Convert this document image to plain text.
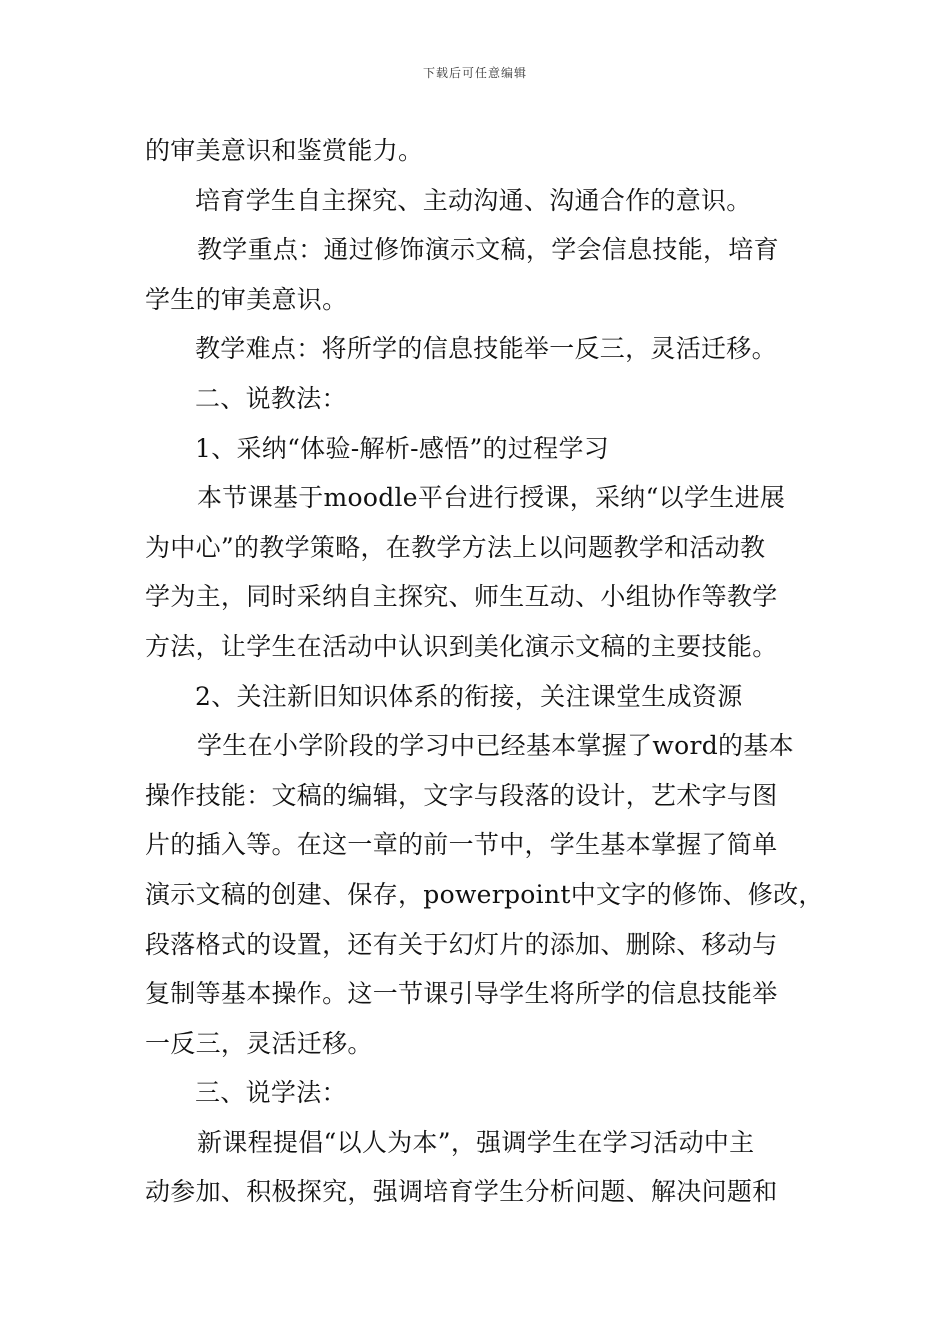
下载后可任意编辑
的审美意识和鉴赏能力。
培育学生自主探究、主动沟通、沟通合作的意识。
教学重点：通过修饰演示文稿，学会信息技能，培育
学生的审美意识。
教学难点：将所学的信息技能举一反三，灵活迁移。
二、说教法：
1、采纳“体验-解析-感悟”的过程学习
本节课基于moodle平台进行授课，采纳“以学生进展
为中心”的教学策略，在教学方法上以问题教学和活动教
学为主，同时采纳自主探究、师生互动、小组协作等教学
方法，让学生在活动中认识到美化演示文稿的主要技能。
2、关注新旧知识体系的衔接，关注课堂生成资源
学生在小学阶段的学习中已经基本掌握了word的基本
操作技能：文稿的编辑，文字与段落的设计，艺术字与图
片的插入等。在这一章的前一节中，学生基本掌握了简单
演示文稿的创建、保存，powerpoint中文字的修饰、修改，
段落格式的设置，还有关于幻灯片的添加、删除、移动与
复制等基本操作。这一节课引导学生将所学的信息技能举
一反三，灵活迁移。
三、说学法：
新课程提倡“以人为本”，强调学生在学习活动中主
动参加、积极探究，强调培育学生分析问题、解决问题和
